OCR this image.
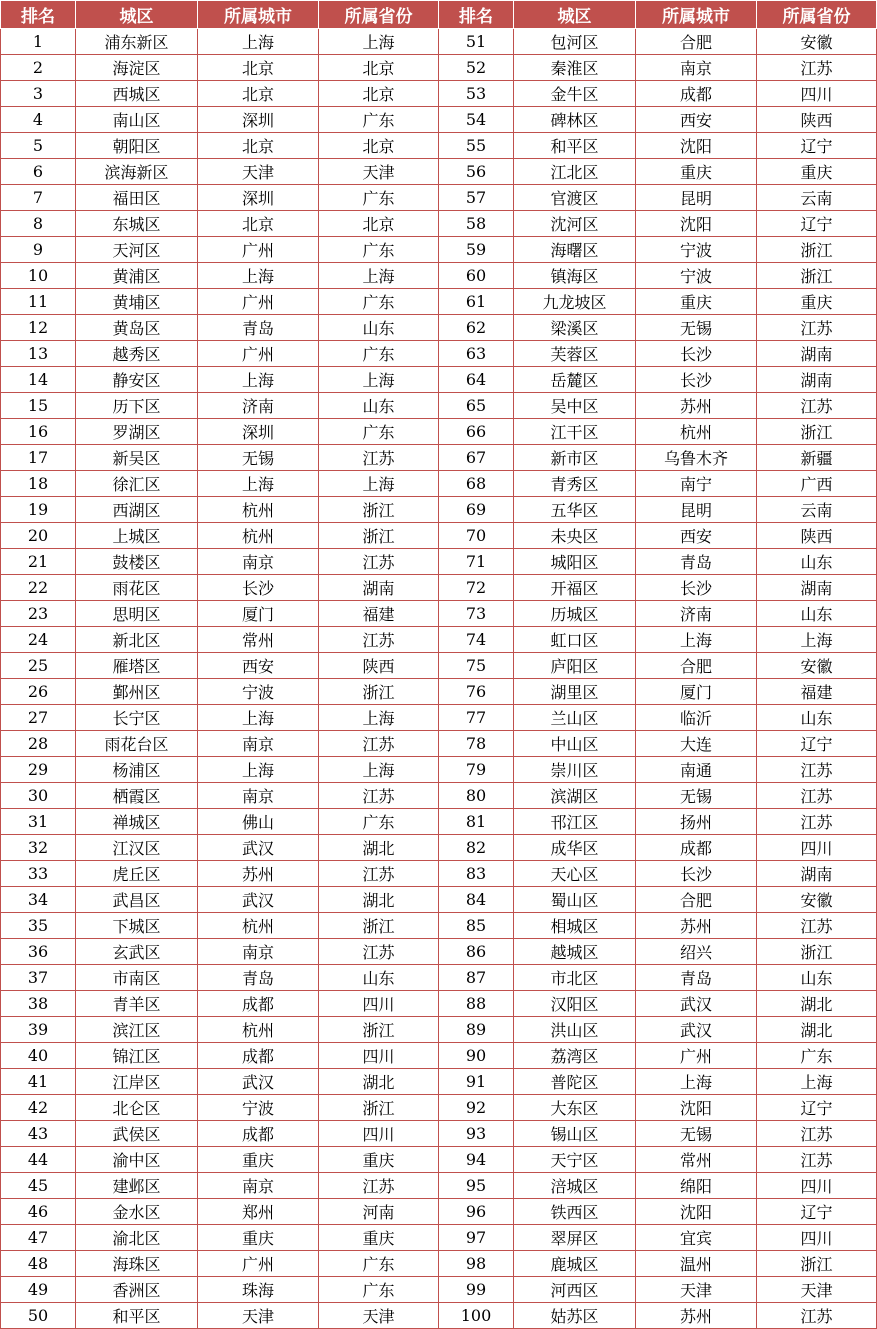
排名	城区	所属城市	所属省份	排名	城区	所属城市	所属省份
1	浦东新区	上海	上海	51	包河区	合肥	安徽
2	海淀区	北京	北京	52	秦淮区	南京	江苏
3	西城区	北京	北京	53	金牛区	成都	四川
4	南山区	深圳	广东	54	碑林区	西安	陕西
5	朝阳区	北京	北京	55	和平区	沈阳	辽宁
6	滨海新区	天津	天津	56	江北区	重庆	重庆
7	福田区	深圳	广东	57	官渡区	昆明	云南
8	东城区	北京	北京	58	沈河区	沈阳	辽宁
9	天河区	广州	广东	59	海曙区	宁波	浙江
10	黄浦区	上海	上海	60	镇海区	宁波	浙江
11	黄埔区	广州	广东	61	九龙坡区	重庆	重庆
12	黄岛区	青岛	山东	62	梁溪区	无锡	江苏
13	越秀区	广州	广东	63	芙蓉区	长沙	湖南
14	静安区	上海	上海	64	岳麓区	长沙	湖南
15	历下区	济南	山东	65	吴中区	苏州	江苏
16	罗湖区	深圳	广东	66	江干区	杭州	浙江
17	新吴区	无锡	江苏	67	新市区	乌鲁木齐	新疆
18	徐汇区	上海	上海	68	青秀区	南宁	广西
19	西湖区	杭州	浙江	69	五华区	昆明	云南
20	上城区	杭州	浙江	70	未央区	西安	陕西
21	鼓楼区	南京	江苏	71	城阳区	青岛	山东
22	雨花区	长沙	湖南	72	开福区	长沙	湖南
23	思明区	厦门	福建	73	历城区	济南	山东
24	新北区	常州	江苏	74	虹口区	上海	上海
25	雁塔区	西安	陕西	75	庐阳区	合肥	安徽
26	鄞州区	宁波	浙江	76	湖里区	厦门	福建
27	长宁区	上海	上海	77	兰山区	临沂	山东
28	雨花台区	南京	江苏	78	中山区	大连	辽宁
29	杨浦区	上海	上海	79	崇川区	南通	江苏
30	栖霞区	南京	江苏	80	滨湖区	无锡	江苏
31	禅城区	佛山	广东	81	邗江区	扬州	江苏
32	江汉区	武汉	湖北	82	成华区	成都	四川
33	虎丘区	苏州	江苏	83	天心区	长沙	湖南
34	武昌区	武汉	湖北	84	蜀山区	合肥	安徽
35	下城区	杭州	浙江	85	相城区	苏州	江苏
36	玄武区	南京	江苏	86	越城区	绍兴	浙江
37	市南区	青岛	山东	87	市北区	青岛	山东
38	青羊区	成都	四川	88	汉阳区	武汉	湖北
39	滨江区	杭州	浙江	89	洪山区	武汉	湖北
40	锦江区	成都	四川	90	荔湾区	广州	广东
41	江岸区	武汉	湖北	91	普陀区	上海	上海
42	北仑区	宁波	浙江	92	大东区	沈阳	辽宁
43	武侯区	成都	四川	93	锡山区	无锡	江苏
44	渝中区	重庆	重庆	94	天宁区	常州	江苏
45	建邺区	南京	江苏	95	涪城区	绵阳	四川
46	金水区	郑州	河南	96	铁西区	沈阳	辽宁
47	渝北区	重庆	重庆	97	翠屏区	宜宾	四川
48	海珠区	广州	广东	98	鹿城区	温州	浙江
49	香洲区	珠海	广东	99	河西区	天津	天津
50	和平区	天津	天津	100	姑苏区	苏州	江苏
